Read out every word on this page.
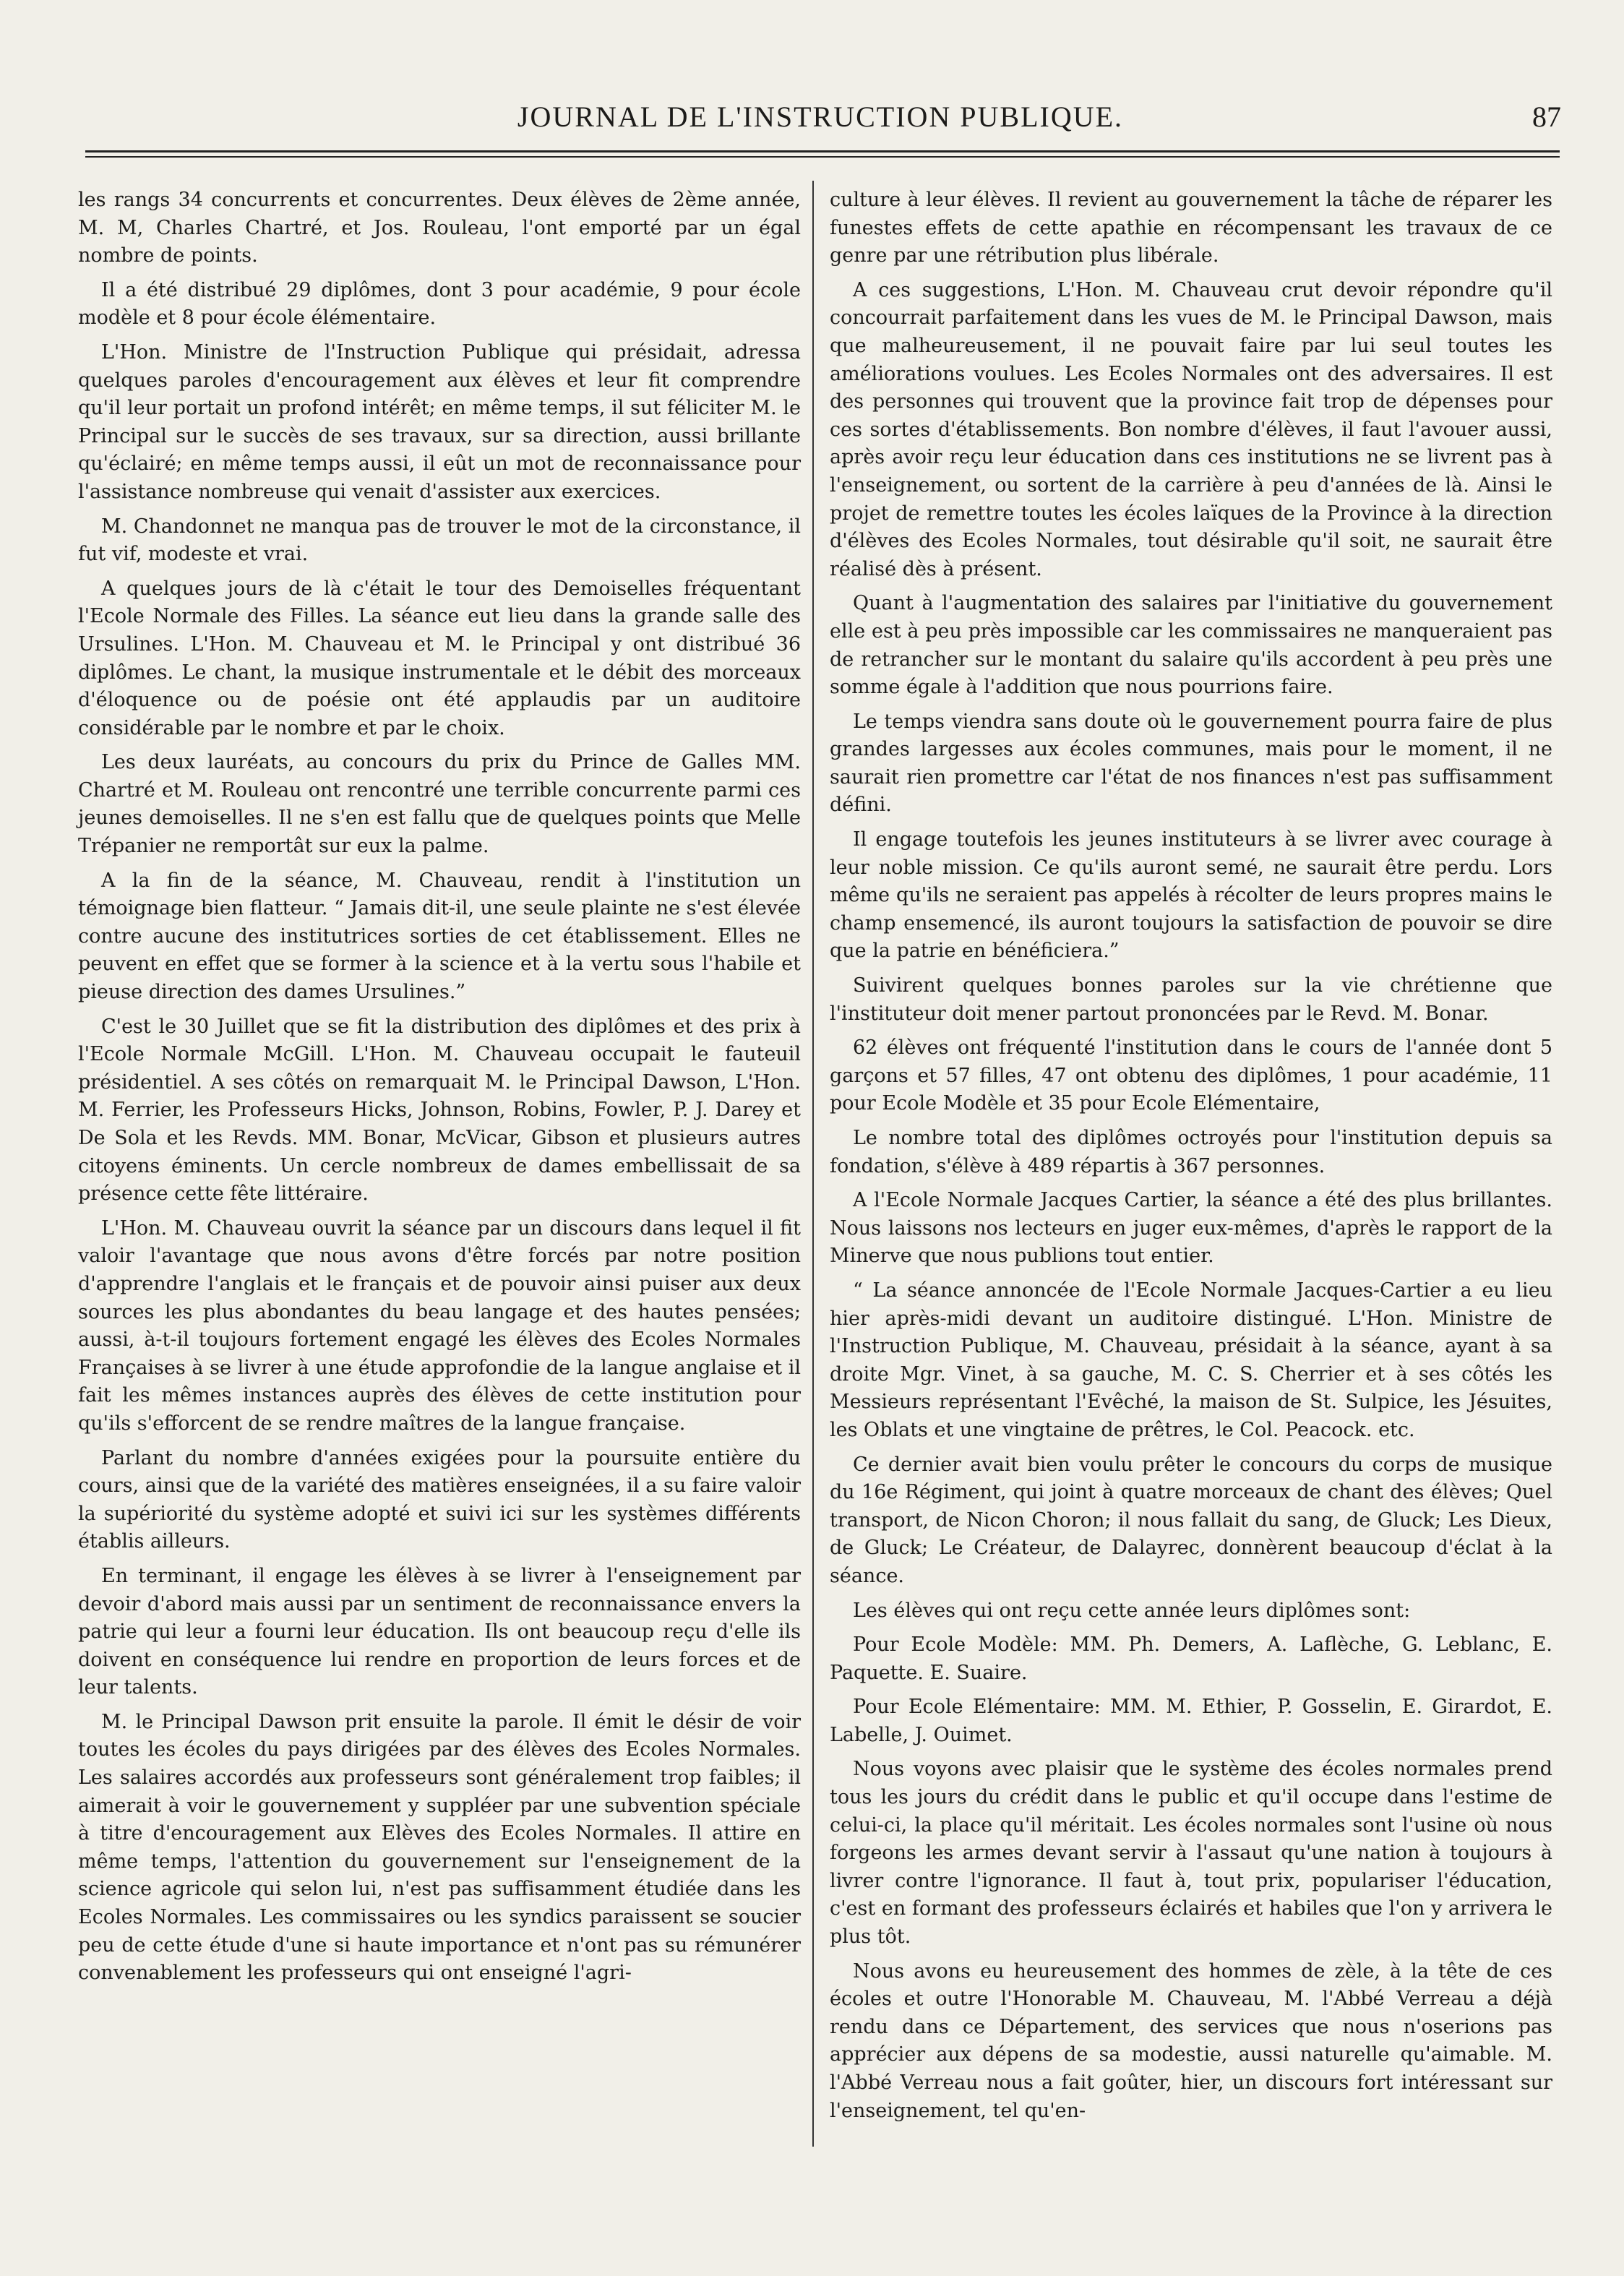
JOURNAL DE L'INSTRUCTION PUBLIQUE.	87

les rangs 34 concurrents et concurrentes. Deux élèves de 2ème année, M. M, Charles Chartré, et Jos. Rouleau, l'ont emporté par un égal nombre de points.

Il a été distribué 29 diplômes, dont 3 pour académie, 9 pour école modèle et 8 pour école élémentaire.

L'Hon. Ministre de l'Instruction Publique qui présidait, adressa quelques paroles d'encouragement aux élèves et leur fit comprendre qu'il leur portait un profond intérêt; en même temps, il sut féliciter M. le Principal sur le succès de ses travaux, sur sa direction, aussi brillante qu'éclairé; en même temps aussi, il eût un mot de reconnaissance pour l'assistance nombreuse qui venait d'assister aux exercices.

M. Chandonnet ne manqua pas de trouver le mot de la circonstance, il fut vif, modeste et vrai.

A quelques jours de là c'était le tour des Demoiselles fréquentant l'Ecole Normale des Filles. La séance eut lieu dans la grande salle des Ursulines. L'Hon. M. Chauveau et M. le Principal y ont distribué 36 diplômes. Le chant, la musique instrumentale et le débit des morceaux d'éloquence ou de poésie ont été applaudis par un auditoire considérable par le nombre et par le choix.

Les deux lauréats, au concours du prix du Prince de Galles MM. Chartré et M. Rouleau ont rencontré une terrible concurrente parmi ces jeunes demoiselles. Il ne s'en est fallu que de quelques points que Melle Trépanier ne remportât sur eux la palme.

A la fin de la séance, M. Chauveau, rendit à l'institution un témoignage bien flatteur. “ Jamais dit-il, une seule plainte ne s'est élevée contre aucune des institutrices sorties de cet établissement. Elles ne peuvent en effet que se former à la science et à la vertu sous l'habile et pieuse direction des dames Ursulines.”

C'est le 30 Juillet que se fit la distribution des diplômes et des prix à l'Ecole Normale McGill. L'Hon. M. Chauveau occupait le fauteuil présidentiel. A ses côtés on remarquait M. le Principal Dawson, L'Hon. M. Ferrier, les Professeurs Hicks, Johnson, Robins, Fowler, P. J. Darey et De Sola et les Revds. MM. Bonar, McVicar, Gibson et plusieurs autres citoyens éminents. Un cercle nombreux de dames embellissait de sa présence cette fête littéraire.

L'Hon. M. Chauveau ouvrit la séance par un discours dans lequel il fit valoir l'avantage que nous avons d'être forcés par notre position d'apprendre l'anglais et le français et de pouvoir ainsi puiser aux deux sources les plus abondantes du beau langage et des hautes pensées; aussi, à-t-il toujours fortement engagé les élèves des Ecoles Normales Françaises à se livrer à une étude approfondie de la langue anglaise et il fait les mêmes instances auprès des élèves de cette institution pour qu'ils s'efforcent de se rendre maîtres de la langue française.

Parlant du nombre d'années exigées pour la poursuite entière du cours, ainsi que de la variété des matières enseignées, il a su faire valoir la supériorité du système adopté et suivi ici sur les systèmes différents établis ailleurs.

En terminant, il engage les élèves à se livrer à l'enseignement par devoir d'abord mais aussi par un sentiment de reconnaissance envers la patrie qui leur a fourni leur éducation. Ils ont beaucoup reçu d'elle ils doivent en conséquence lui rendre en proportion de leurs forces et de leur talents.

M. le Principal Dawson prit ensuite la parole. Il émit le désir de voir toutes les écoles du pays dirigées par des élèves des Ecoles Normales. Les salaires accordés aux professeurs sont généralement trop faibles; il aimerait à voir le gouvernement y suppléer par une subvention spéciale à titre d'encouragement aux Elèves des Ecoles Normales. Il attire en même temps, l'attention du gouvernement sur l'enseignement de la science agricole qui selon lui, n'est pas suffisamment étudiée dans les Ecoles Normales. Les commissaires ou les syndics paraissent se soucier peu de cette étude d'une si haute importance et n'ont pas su rémunérer convenablement les professeurs qui ont enseigné l'agri-

culture à leur élèves. Il revient au gouvernement la tâche de réparer les funestes effets de cette apathie en récompensant les travaux de ce genre par une rétribution plus libérale.

A ces suggestions, L'Hon. M. Chauveau crut devoir répondre qu'il concourrait parfaitement dans les vues de M. le Principal Dawson, mais que malheureusement, il ne pouvait faire par lui seul toutes les améliorations voulues. Les Ecoles Normales ont des adversaires. Il est des personnes qui trouvent que la province fait trop de dépenses pour ces sortes d'établissements. Bon nombre d'élèves, il faut l'avouer aussi, après avoir reçu leur éducation dans ces institutions ne se livrent pas à l'enseignement, ou sortent de la carrière à peu d'années de là. Ainsi le projet de remettre toutes les écoles laïques de la Province à la direction d'élèves des Ecoles Normales, tout désirable qu'il soit, ne saurait être réalisé dès à présent.

Quant à l'augmentation des salaires par l'initiative du gouvernement elle est à peu près impossible car les commissaires ne manqueraient pas de retrancher sur le montant du salaire qu'ils accordent à peu près une somme égale à l'addition que nous pourrions faire.

Le temps viendra sans doute où le gouvernement pourra faire de plus grandes largesses aux écoles communes, mais pour le moment, il ne saurait rien promettre car l'état de nos finances n'est pas suffisamment défini.

Il engage toutefois les jeunes instituteurs à se livrer avec courage à leur noble mission. Ce qu'ils auront semé, ne saurait être perdu. Lors même qu'ils ne seraient pas appelés à récolter de leurs propres mains le champ ensemencé, ils auront toujours la satisfaction de pouvoir se dire que la patrie en bénéficiera.”

Suivirent quelques bonnes paroles sur la vie chrétienne que l'instituteur doit mener partout prononcées par le Revd. M. Bonar.

62 élèves ont fréquenté l'institution dans le cours de l'année dont 5 garçons et 57 filles, 47 ont obtenu des diplômes, 1 pour académie, 11 pour Ecole Modèle et 35 pour Ecole Elémentaire,

Le nombre total des diplômes octroyés pour l'institution depuis sa fondation, s'élève à 489 répartis à 367 personnes.

A l'Ecole Normale Jacques Cartier, la séance a été des plus brillantes. Nous laissons nos lecteurs en juger eux-mêmes, d'après le rapport de la Minerve que nous publions tout entier.

“ La séance annoncée de l'Ecole Normale Jacques-Cartier a eu lieu hier après-midi devant un auditoire distingué. L'Hon. Ministre de l'Instruction Publique, M. Chauveau, présidait à la séance, ayant à sa droite Mgr. Vinet, à sa gauche, M. C. S. Cherrier et à ses côtés les Messieurs représentant l'Evêché, la maison de St. Sulpice, les Jésuites, les Oblats et une vingtaine de prêtres, le Col. Peacock. etc.

Ce dernier avait bien voulu prêter le concours du corps de musique du 16e Régiment, qui joint à quatre morceaux de chant des élèves; Quel transport, de Nicon Choron; il nous fallait du sang, de Gluck; Les Dieux, de Gluck; Le Créateur, de Dalayrec, donnèrent beaucoup d'éclat à la séance.

Les élèves qui ont reçu cette année leurs diplômes sont:

Pour Ecole Modèle: MM. Ph. Demers, A. Laflèche, G. Leblanc, E. Paquette. E. Suaire.

Pour Ecole Elémentaire: MM. M. Ethier, P. Gosselin, E. Girardot, E. Labelle, J. Ouimet.

Nous voyons avec plaisir que le système des écoles normales prend tous les jours du crédit dans le public et qu'il occupe dans l'estime de celui-ci, la place qu'il méritait. Les écoles normales sont l'usine où nous forgeons les armes devant servir à l'assaut qu'une nation à toujours à livrer contre l'ignorance. Il faut à, tout prix, populariser l'éducation, c'est en formant des professeurs éclairés et habiles que l'on y arrivera le plus tôt.

Nous avons eu heureusement des hommes de zèle, à la tête de ces écoles et outre l'Honorable M. Chauveau, M. l'Abbé Verreau a déjà rendu dans ce Département, des services que nous n'oserions pas apprécier aux dépens de sa modestie, aussi naturelle qu'aimable. M. l'Abbé Verreau nous a fait goûter, hier, un discours fort intéressant sur l'enseignement, tel qu'en-
